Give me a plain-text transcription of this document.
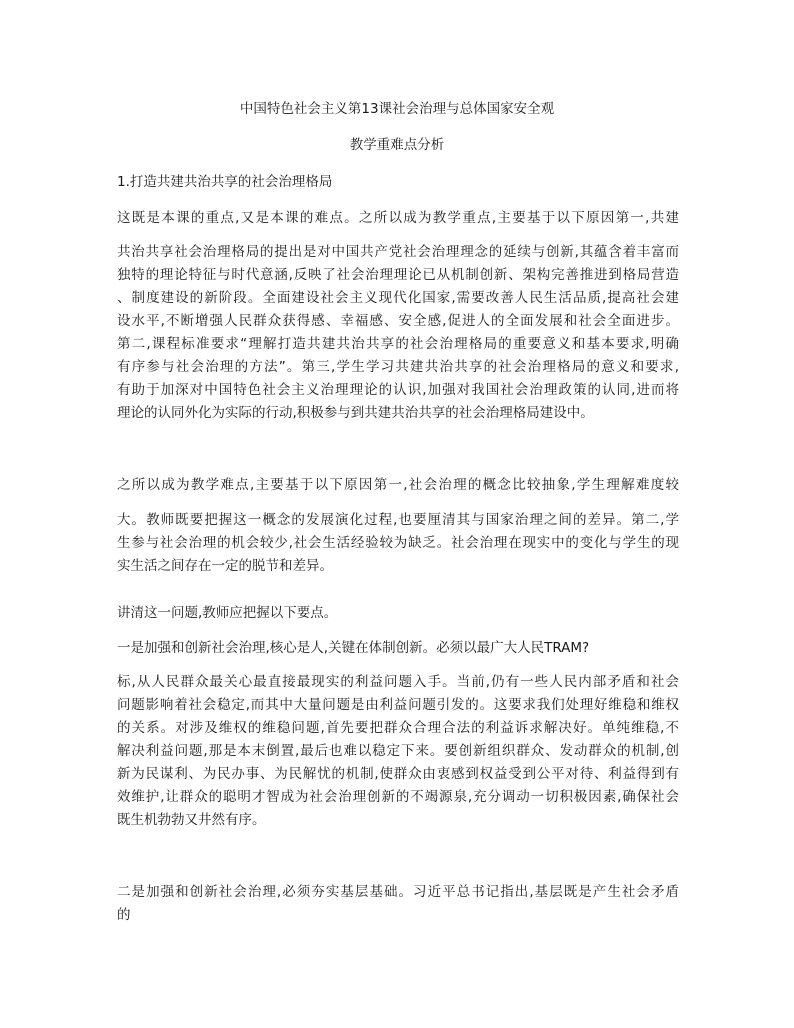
中国特色社会主义第13课社会治理与总体国家安全观
教学重难点分析
1.打造共建共治共享的社会治理格局
这既是本课的重点,又是本课的难点。之所以成为教学重点,主要基于以下原因第一,共建
共治共享社会治理格局的提出是对中国共产党社会治理理念的延续与创新,其蕴含着丰富而
独特的理论特征与时代意涵,反映了社会治理理论已从机制创新、架构完善推进到格局营造
、制度建设的新阶段。全面建设社会主义现代化国家,需要改善人民生活品质,提高社会建
设水平,不断增强人民群众获得感、幸福感、安全感,促进人的全面发展和社会全面进步。
第二,课程标准要求“理解打造共建共治共享的社会治理格局的重要意义和基本要求,明确
有序参与社会治理的方法”。第三,学生学习共建共治共享的社会治理格局的意义和要求,
有助于加深对中国特色社会主义治理理论的认识,加强对我国社会治理政策的认同,进而将
理论的认同外化为实际的行动,积极参与到共建共治共享的社会治理格局建设中。
之所以成为教学难点,主要基于以下原因第一,社会治理的概念比较抽象,学生理解难度较
大。教师既要把握这一概念的发展演化过程,也要厘清其与国家治理之间的差异。第二,学
生参与社会治理的机会较少,社会生活经验较为缺乏。社会治理在现实中的变化与学生的现
实生活之间存在一定的脱节和差异。
讲清这一问题,教师应把握以下要点。
一是加强和创新社会治理,核心是人,关键在体制创新。必须以最广大人民TRAM?
标,从人民群众最关心最直接最现实的利益问题入手。当前,仍有一些人民内部矛盾和社会
问题影响着社会稳定,而其中大量问题是由利益问题引发的。这要求我们处理好维稳和维权
的关系。对涉及维权的维稳问题,首先要把群众合理合法的利益诉求解决好。单纯维稳,不
解决利益问题,那是本末倒置,最后也难以稳定下来。要创新组织群众、发动群众的机制,创
新为民谋利、为民办事、为民解忧的机制,使群众由衷感到权益受到公平对待、利益得到有
效维护,让群众的聪明才智成为社会治理创新的不竭源泉,充分调动一切积极因素,确保社会
既生机勃勃又井然有序。
二是加强和创新社会治理,必须夯实基层基础。习近平总书记指出,基层既是产生社会矛盾
的
